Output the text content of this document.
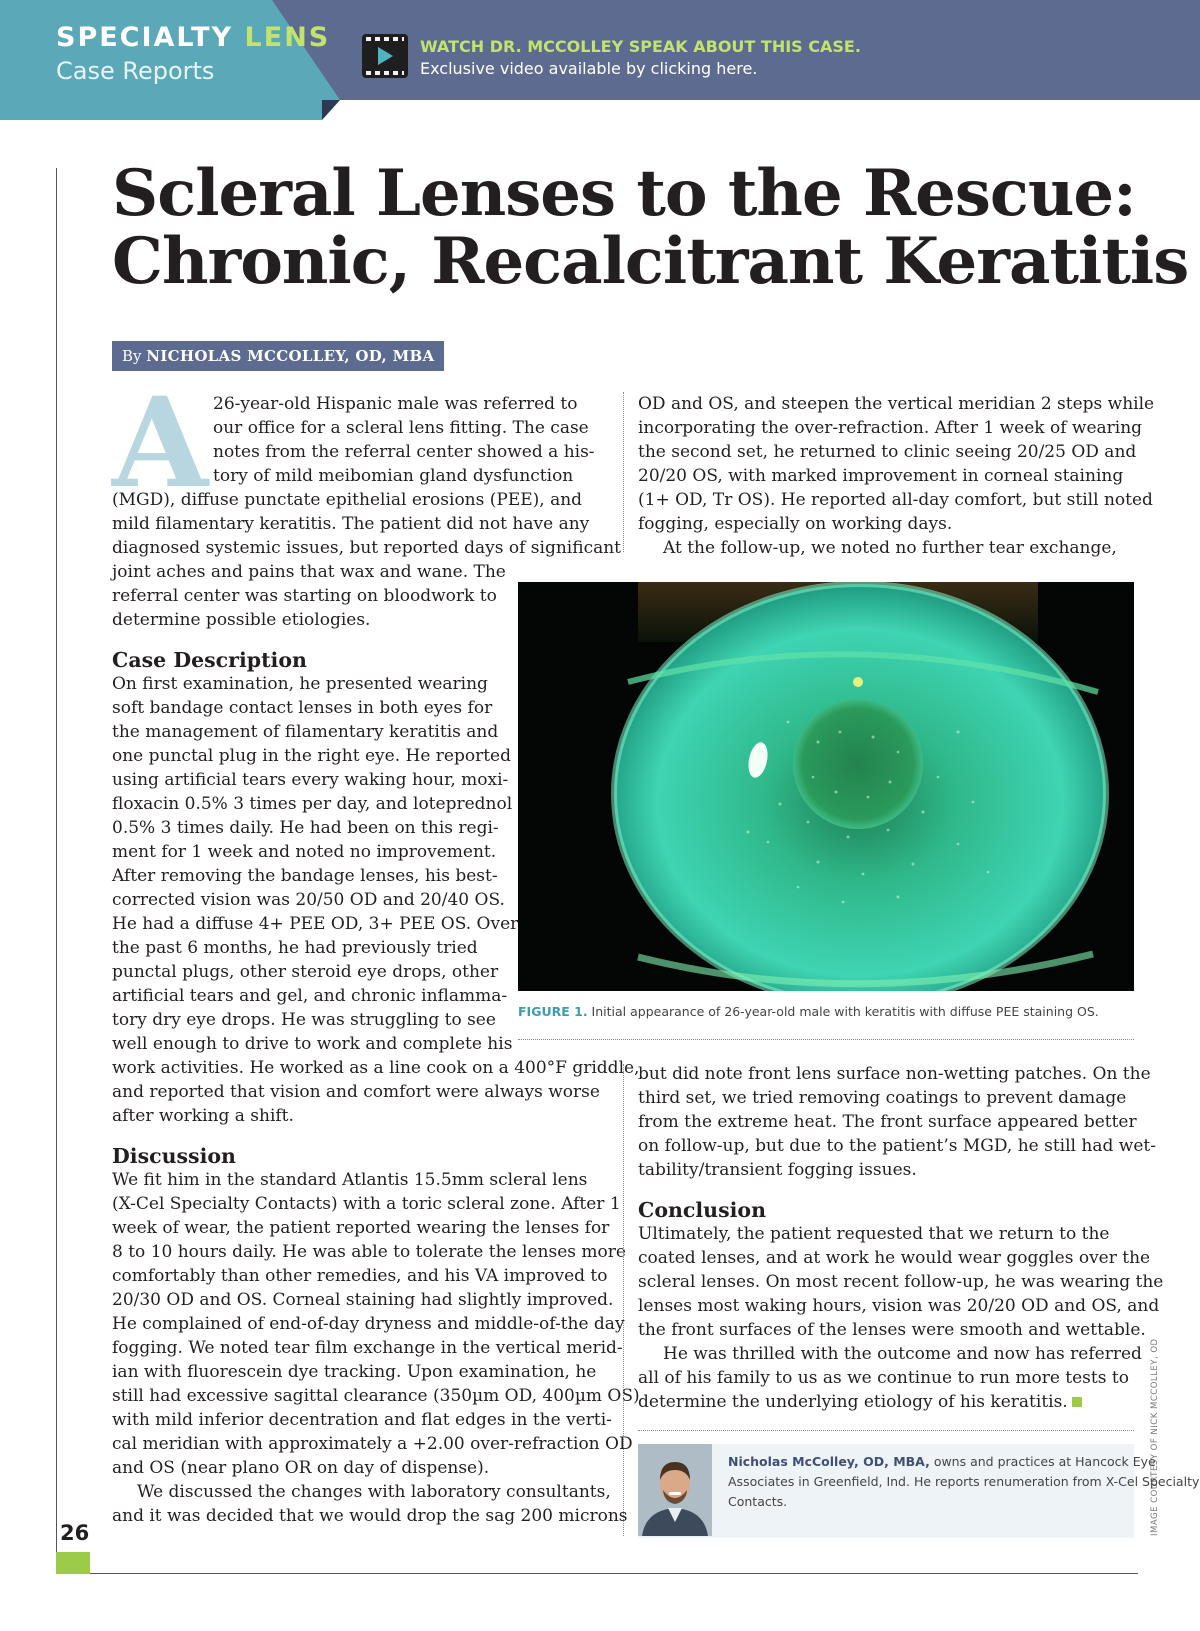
SPECIALTY LENS
Case Reports
WATCH DR. MCCOLLEY SPEAK ABOUT THIS CASE.
Exclusive video available by clicking here.
26	IMAGE COURTESY OF NICK MCCOLLEY, OD
Scleral Lenses to the Rescue:
Chronic, Recalcitrant Keratitis
By NICHOLAS MCCOLLEY, OD, MBA
A 26-year-old Hispanic male was referred to
our office for a scleral lens fitting. The case
notes from the referral center showed a his-
tory of mild meibomian gland dysfunction
(MGD), diffuse punctate epithelial erosions (PEE), and
mild filamentary keratitis. The patient did not have any
diagnosed systemic issues, but reported days of significant
joint aches and pains that wax and wane. The
referral center was starting on bloodwork to
determine possible etiologies.
Case Description
On first examination, he presented wearing
soft bandage contact lenses in both eyes for
the management of filamentary keratitis and
one punctal plug in the right eye. He reported
using artificial tears every waking hour, moxi-
floxacin 0.5% 3 times per day, and loteprednol
0.5% 3 times daily. He had been on this regi-
ment for 1 week and noted no improvement.
After removing the bandage lenses, his best-
corrected vision was 20/50 OD and 20/40 OS.
He had a diffuse 4+ PEE OD, 3+ PEE OS. Over
the past 6 months, he had previously tried
punctal plugs, other steroid eye drops, other
artificial tears and gel, and chronic inflamma-
tory dry eye drops. He was struggling to see
well enough to drive to work and complete his
work activities. He worked as a line cook on a 400°F griddle,
and reported that vision and comfort were always worse
after working a shift.
Discussion
We fit him in the standard Atlantis 15.5mm scleral lens
(X-Cel Specialty Contacts) with a toric scleral zone. After 1
week of wear, the patient reported wearing the lenses for
8 to 10 hours daily. He was able to tolerate the lenses more
comfortably than other remedies, and his VA improved to
20/30 OD and OS. Corneal staining had slightly improved.
He complained of end-of-day dryness and middle-of-the day
fogging. We noted tear film exchange in the vertical merid-
ian with fluorescein dye tracking. Upon examination, he
still had excessive sagittal clearance (350µm OD, 400µm OS)
with mild inferior decentration and flat edges in the verti-
cal meridian with approximately a +2.00 over-refraction OD
and OS (near plano OR on day of dispense).
We discussed the changes with laboratory consultants,
and it was decided that we would drop the sag 200 microns
OD and OS, and steepen the vertical meridian 2 steps while
incorporating the over-refraction. After 1 week of wearing
the second set, he returned to clinic seeing 20/25 OD and
20/20 OS, with marked improvement in corneal staining
(1+ OD, Tr OS). He reported all-day comfort, but still noted
fogging, especially on working days.
At the follow-up, we noted no further tear exchange,
FIGURE 1. Initial appearance of 26-year-old male with keratitis with diffuse PEE staining OS.
but did note front lens surface non-wetting patches. On the
third set, we tried removing coatings to prevent damage
from the extreme heat. The front surface appeared better
on follow-up, but due to the patient’s MGD, he still had wet-
tability/transient fogging issues.
Conclusion
Ultimately, the patient requested that we return to the
coated lenses, and at work he would wear goggles over the
scleral lenses. On most recent follow-up, he was wearing the
lenses most waking hours, vision was 20/20 OD and OS, and
the front surfaces of the lenses were smooth and wettable.
He was thrilled with the outcome and now has referred
all of his family to us as we continue to run more tests to
determine the underlying etiology of his keratitis.
Nicholas McColley, OD, MBA, owns and practices at Hancock Eye
Associates in Greenfield, Ind. He reports renumeration from X-Cel Specialty
Contacts.
